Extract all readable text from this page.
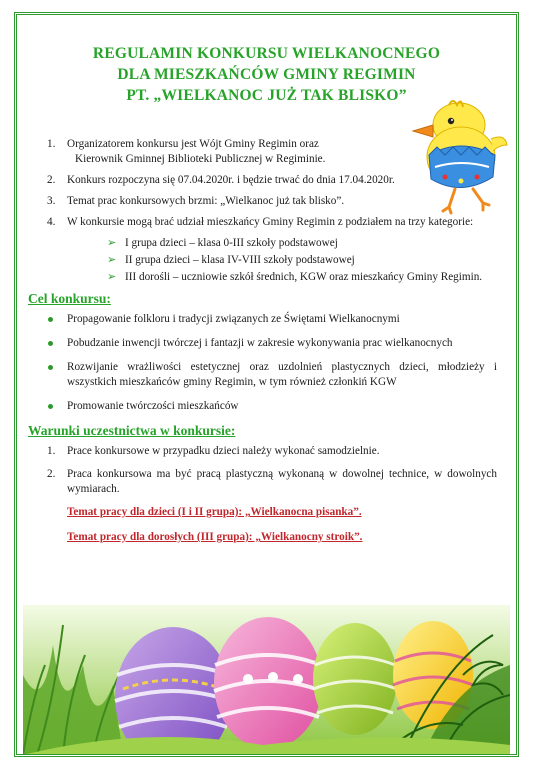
REGULAMIN KONKURSU WIELKANOCNEGO
DLA MIESZKAŃCÓW GMINY REGIMIN
PT. „WIELKANOC JUŻ TAK BLISKO”
1. Organizatorem konkursu jest Wójt Gminy Regimin oraz
Kierownik Gminnej Biblioteki Publicznej w Regiminie.
2. Konkurs rozpoczyna się 07.04.2020r. i będzie trwać do dnia 17.04.2020r.
3. Temat prac konkursowych brzmi: „Wielkanoc już tak blisko”.
4. W konkursie mogą brać udział mieszkańcy Gminy Regimin z podziałem na trzy kategorie:
➢ I grupa dzieci – klasa 0-III szkoły podstawowej
➢ II grupa dzieci – klasa IV-VIII szkoły podstawowej
➢ III dorośli – uczniowie szkół średnich, KGW oraz mieszkańcy Gminy Regimin.
Cel konkursu:
Propagowanie folkloru i tradycji związanych ze Świętami Wielkanocnymi
Pobudzanie inwencji twórczej i fantazji w zakresie wykonywania prac wielkanocnych
Rozwijanie wrażliwości estetycznej oraz uzdolnień plastycznych dzieci, młodzieży i wszystkich mieszkańców gminy Regimin, w tym również członkiń KGW
Promowanie twórczości mieszkańców
Warunki uczestnictwa w konkursie:
1. Prace konkursowe w przypadku dzieci należy wykonać samodzielnie.
2. Praca konkursowa ma być pracą plastyczną wykonaną w dowolnej technice, w dowolnych wymiarach.
Temat pracy dla dzieci (I i II grupa): „Wielkanocna pisanka”.
Temat pracy dla dorosłych (III grupa): „Wielkanocny stroik”.
